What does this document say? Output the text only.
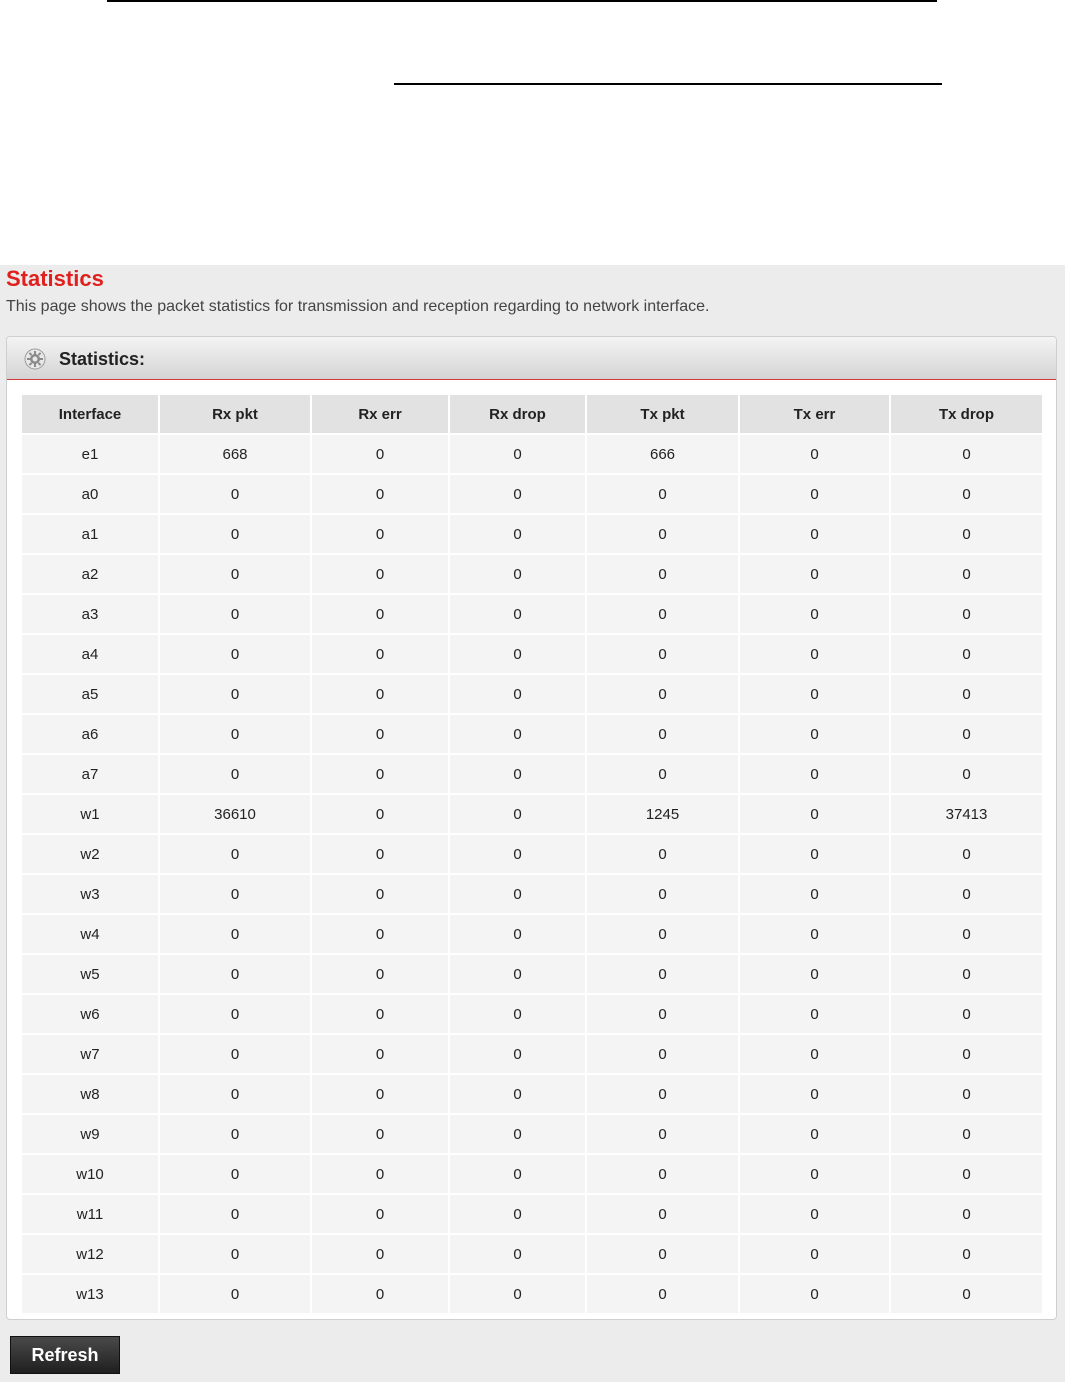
Statistics
This page shows the packet statistics for transmission and reception regarding to network interface.
Statistics:
Interface	Rx pkt	Rx err	Rx drop	Tx pkt	Tx err	Tx drop
e1	668	0	0	666	0	0
a0	0	0	0	0	0	0
a1	0	0	0	0	0	0
a2	0	0	0	0	0	0
a3	0	0	0	0	0	0
a4	0	0	0	0	0	0
a5	0	0	0	0	0	0
a6	0	0	0	0	0	0
a7	0	0	0	0	0	0
w1	36610	0	0	1245	0	37413
w2	0	0	0	0	0	0
w3	0	0	0	0	0	0
w4	0	0	0	0	0	0
w5	0	0	0	0	0	0
w6	0	0	0	0	0	0
w7	0	0	0	0	0	0
w8	0	0	0	0	0	0
w9	0	0	0	0	0	0
w10	0	0	0	0	0	0
w11	0	0	0	0	0	0
w12	0	0	0	0	0	0
w13	0	0	0	0	0	0
Refresh
